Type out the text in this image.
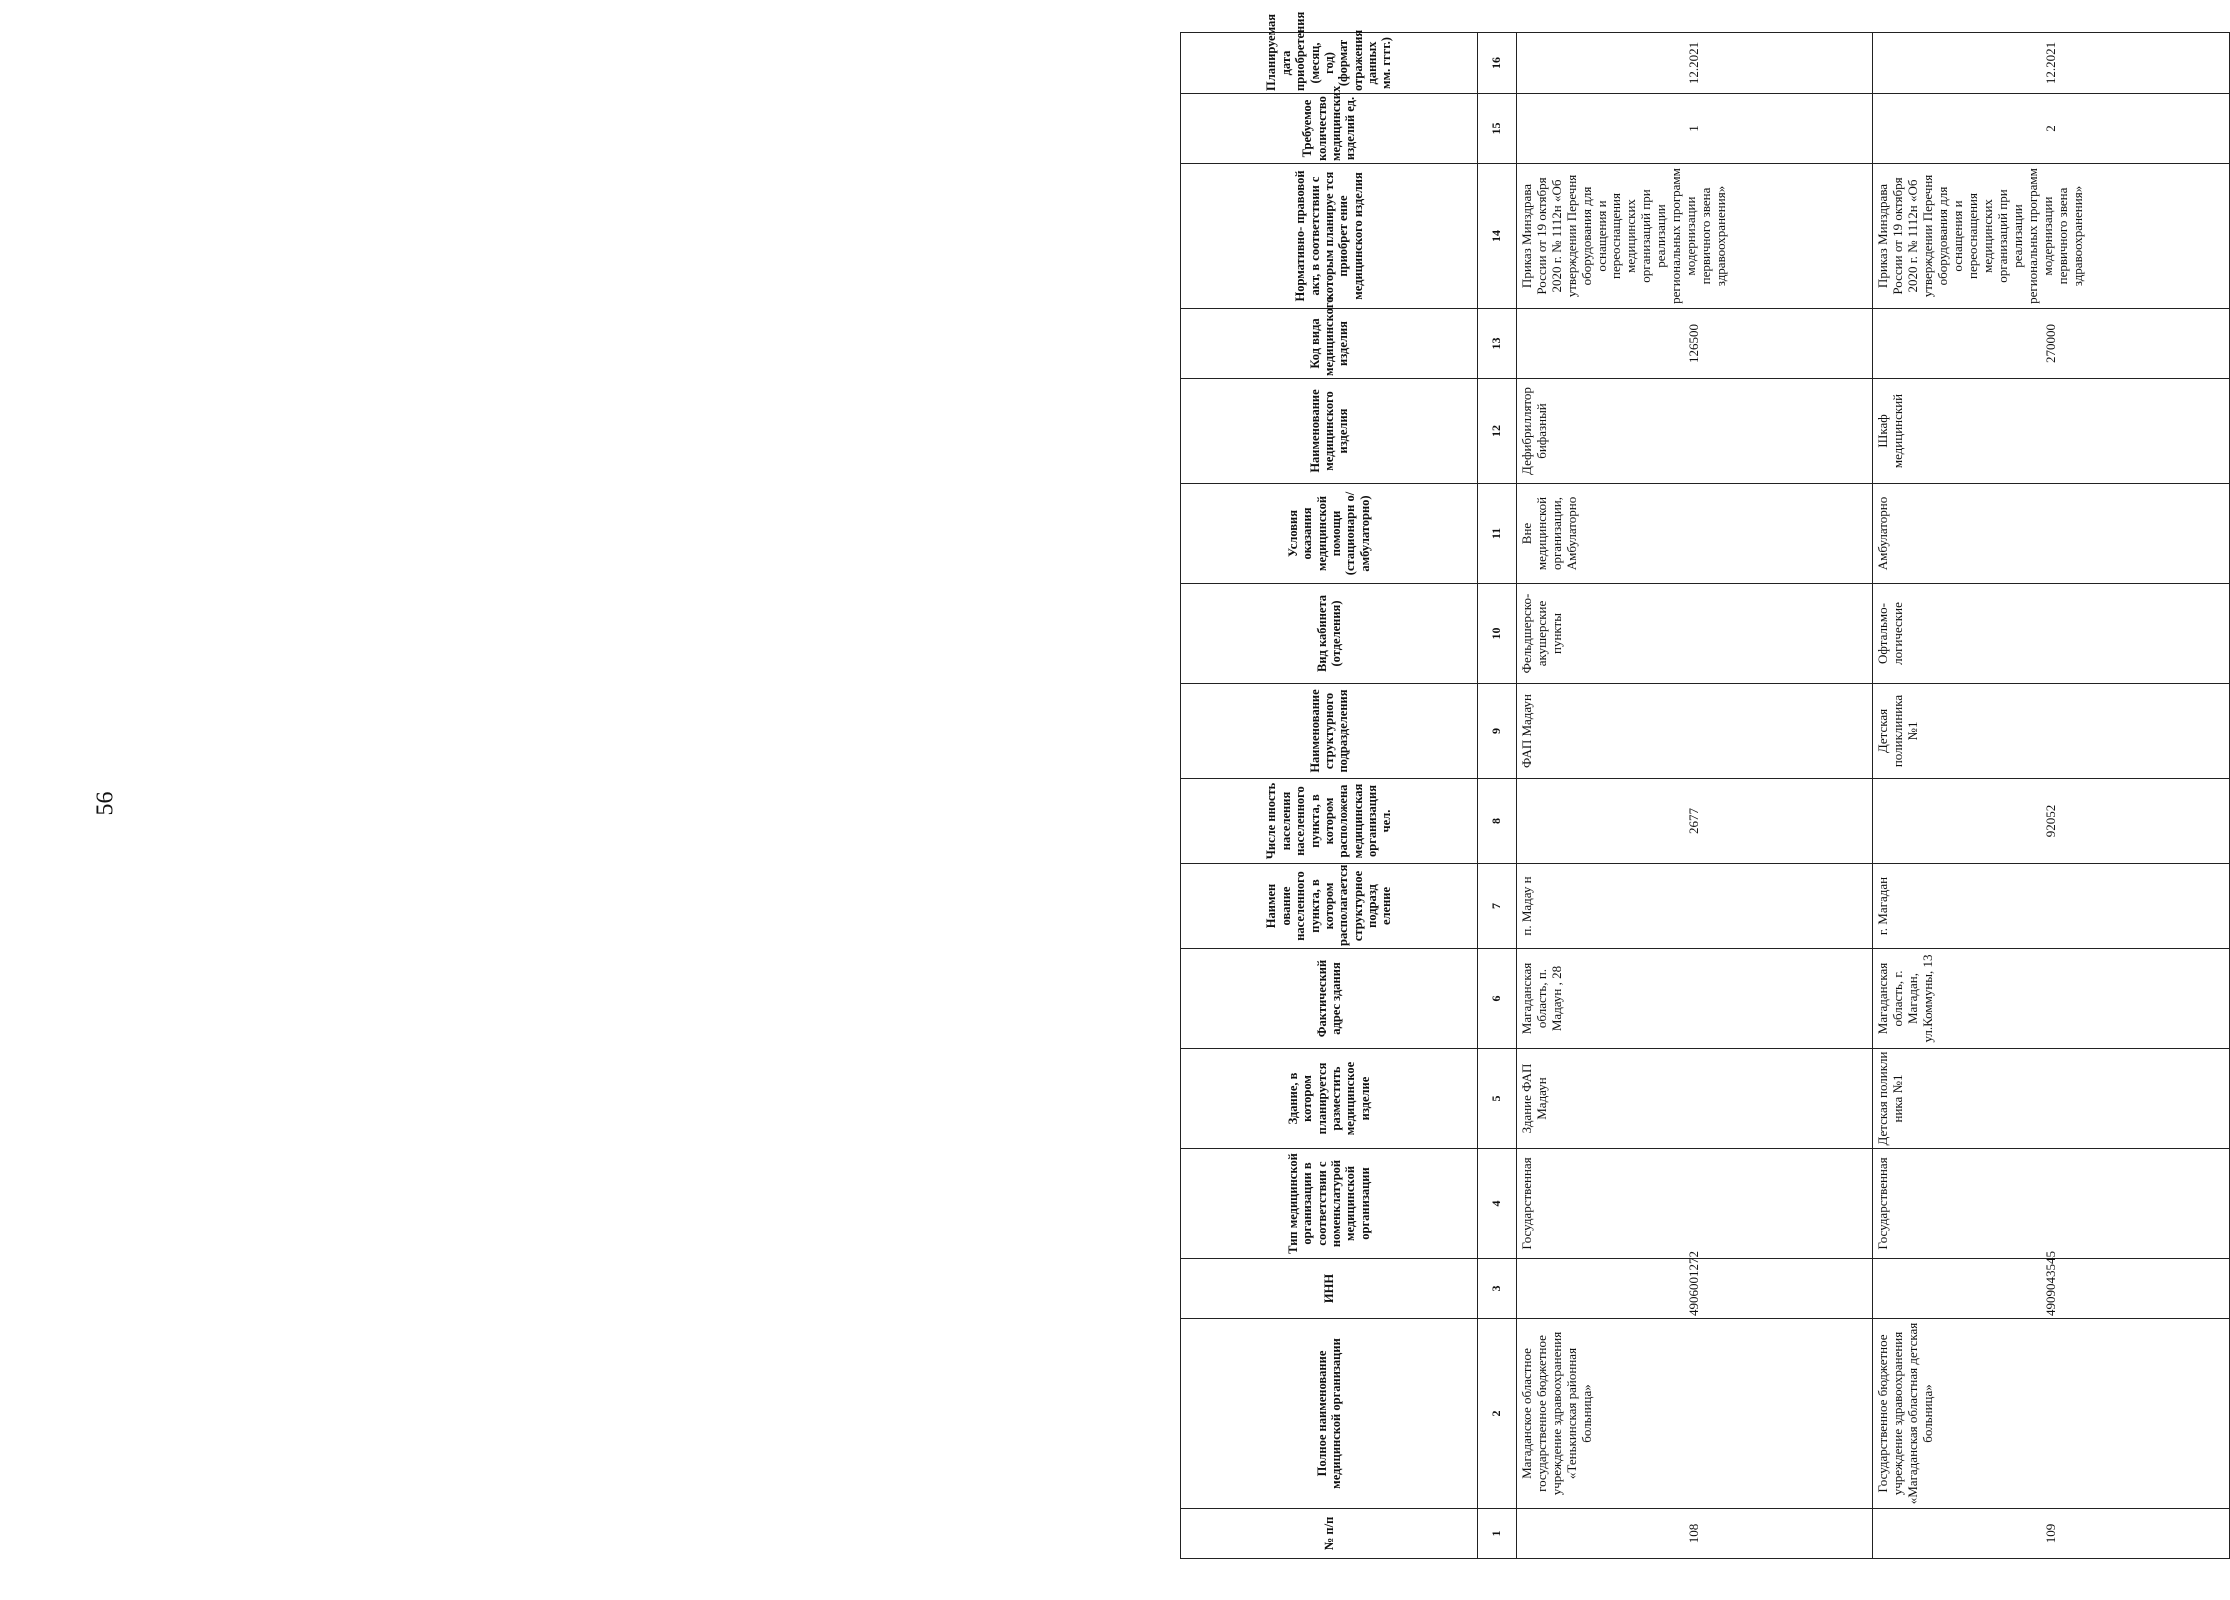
56
№ п/п	Полное наименование медицинской организации	ИНН	Тип медицинской организации в соответствии с номенклатурой медицинской организации	Здание, в котором планируется разместить медицинское изделие	Фактический адрес здания	Наимен ование населенного пункта, в котором располагается структурное подразд еление	Числе нность населения населенного пункта, в котором расположена медицинская организация чел.	Наименование структурного подразделения	Вид кабинета (отделения)	Условия оказания медицинской помощи (стационарн о/амбулаторно)	Наименование медицинского изделия	Код вида медицинского изделия	Нормативно- правовой акт, в соответствии с которым планируе тся приобрет ение медицинского изделия	Требуемое количество медицинских изделий ед.	Планируемая дата приобретения (месяц, год) (формат отражения данных мм. гггг.)
1	2	3	4	5	6	7	8	9	10	11	12	13	14	15	16
108	Магаданское областное государственное бюджетное учреждение здравоохранения «Тенькинская районная больница»	4906001272	Государственная	Здание ФАП Мадаун	Магаданская область, п. Мадаун , 28	п. Мадау н	2677	ФАП Мадаун	Фельдшерско-акушерские пункты	Вне медицинской организации, Амбулаторно	Дефибриллятор бифазный	126500	Приказ Минздрава России от 19 октября 2020 г. № 1112н «Об утверждении Перечня оборудования для оснащения и переоснащения медицинских организаций при реализации региональных программ модернизации первичного звена здравоохранения»	1	12.2021
109	Государственное бюджетное учреждение здравоохранения «Магаданская областная детская больница»	4909043545	Государственная	Детская поликли ника №1	Магаданская область, г. Магадан, ул.Коммуны, 13	г. Магадан	92052	Детская поликлиника №1	Офтальмо-логические	Амбулаторно	Шкаф медицинский	270000	Приказ Минздрава России от 19 октября 2020 г. № 1112н «Об утверждении Перечня оборудования для оснащения и переоснащения медицинских организаций при реализации региональных программ модернизации первичного звена здравоохранения»	2	12.2021
